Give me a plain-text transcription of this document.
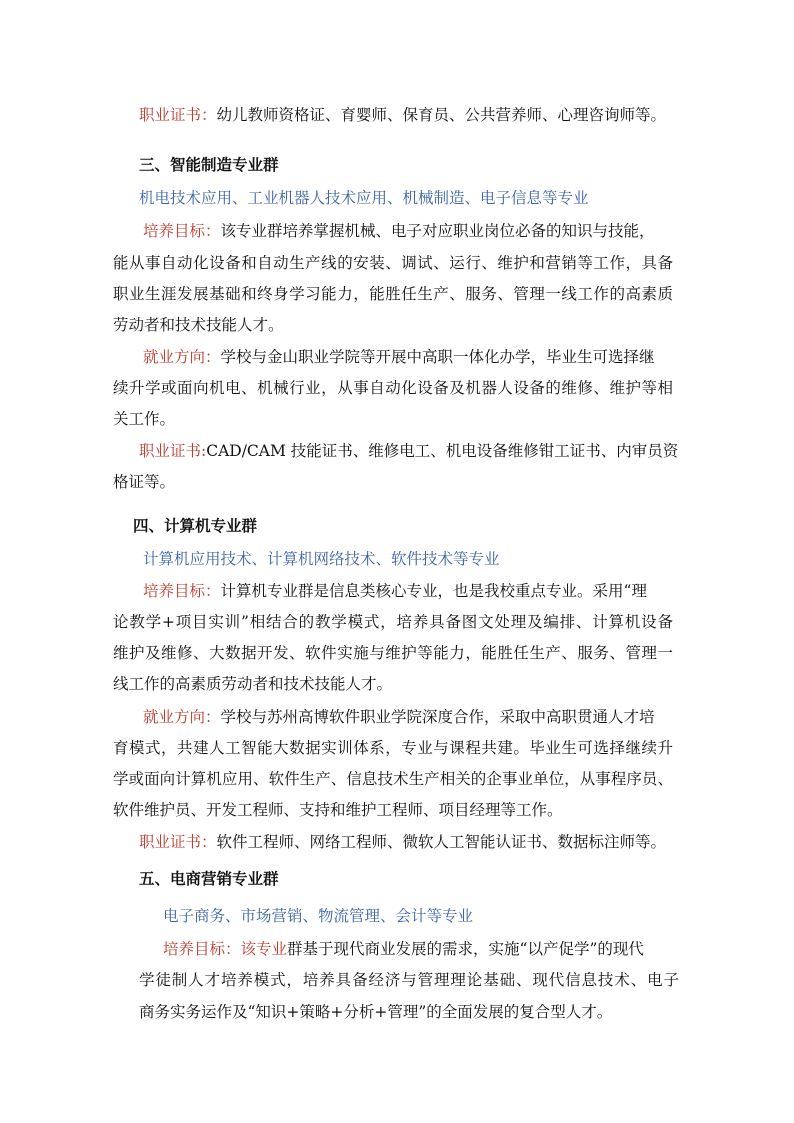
职业证书：幼儿教师资格证、育婴师、保育员、公共营养师、心理咨询师等。
三、智能制造专业群
机电技术应用、工业机器人技术应用、机械制造、电子信息等专业
培养目标：该专业群培养掌握机械、电子对应职业岗位必备的知识与技能，
能从事自动化设备和自动生产线的安装、调试、运行、维护和营销等工作，具备
职业生涯发展基础和终身学习能力，能胜任生产、服务、管理一线工作的高素质
劳动者和技术技能人才。
就业方向：学校与金山职业学院等开展中高职一体化办学，毕业生可选择继
续升学或面向机电、机械行业，从事自动化设备及机器人设备的维修、维护等相
关工作。
职业证书:CAD/CAM 技能证书、维修电工、机电设备维修钳工证书、内审员资
格证等。
四、计算机专业群
计算机应用技术、计算机网络技术、软件技术等专业
培养目标：计算机专业群是信息类核心专业，也是我校重点专业。采用“理
论教学+项目实训”相结合的教学模式，培养具备图文处理及编排、计算机设备
维护及维修、大数据开发、软件实施与维护等能力，能胜任生产、服务、管理一
线工作的高素质劳动者和技术技能人才。
就业方向：学校与苏州高博软件职业学院深度合作，采取中高职贯通人才培
育模式，共建人工智能大数据实训体系，专业与课程共建。毕业生可选择继续升
学或面向计算机应用、软件生产、信息技术生产相关的企事业单位，从事程序员、
软件维护员、开发工程师、支持和维护工程师、项目经理等工作。
职业证书：软件工程师、网络工程师、微软人工智能认证书、数据标注师等。
五、电商营销专业群
电子商务、市场营销、物流管理、会计等专业
培养目标：该专业群基于现代商业发展的需求，实施“以产促学”的现代
学徒制人才培养模式，培养具备经济与管理理论基础、现代信息技术、电子
商务实务运作及“知识+策略+分析+管理”的全面发展的复合型人才。
